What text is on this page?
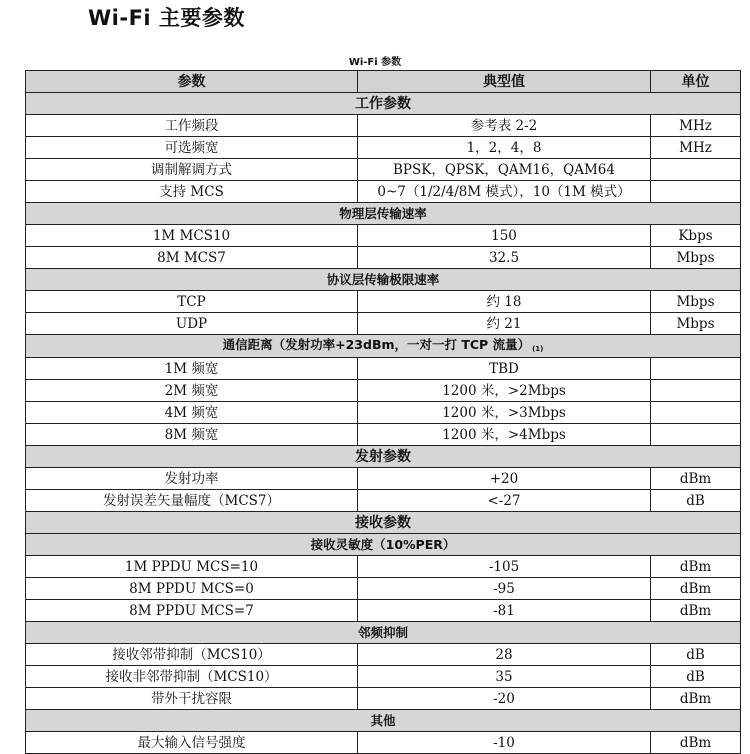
Wi-Fi 主要参数
Wi-Fi 参数
参数	典型值	单位
工作参数		
工作频段	参考表 2-2	MHz
可选频宽	1，2，4，8	MHz
调制解调方式	BPSK，QPSK，QAM16，QAM64	
支持 MCS	0~7（1/2/4/8M 模式），10（1M 模式）	
物理层传输速率		
1M MCS10	150	Kbps
8M MCS7	32.5	Mbps
协议层传输极限速率		
TCP	约 18	Mbps
UDP	约 21	Mbps
通信距离（发射功率+23dBm，一对一打 TCP 流量） $^{(1)}$
1M 频宽	TBD	
2M 频宽	1200 米，>2Mbps	
4M 频宽	1200 米，>3Mbps	
8M 频宽	1200 米，>4Mbps	
发射参数		
发射功率	+20	dBm
发射误差矢量幅度（MCS7）	<-27	dB
接收参数		
接收灵敏度（10%PER）		
1M PPDU MCS=10	-105	dBm
8M PPDU MCS=0	-95	dBm
8M PPDU MCS=7	-81	dBm
邻频抑制		
接收邻带抑制（MCS10）	28	dB
接收非邻带抑制（MCS10）	35	dB
带外干扰容限	-20	dBm
其他		
最大输入信号强度	-10	dBm
